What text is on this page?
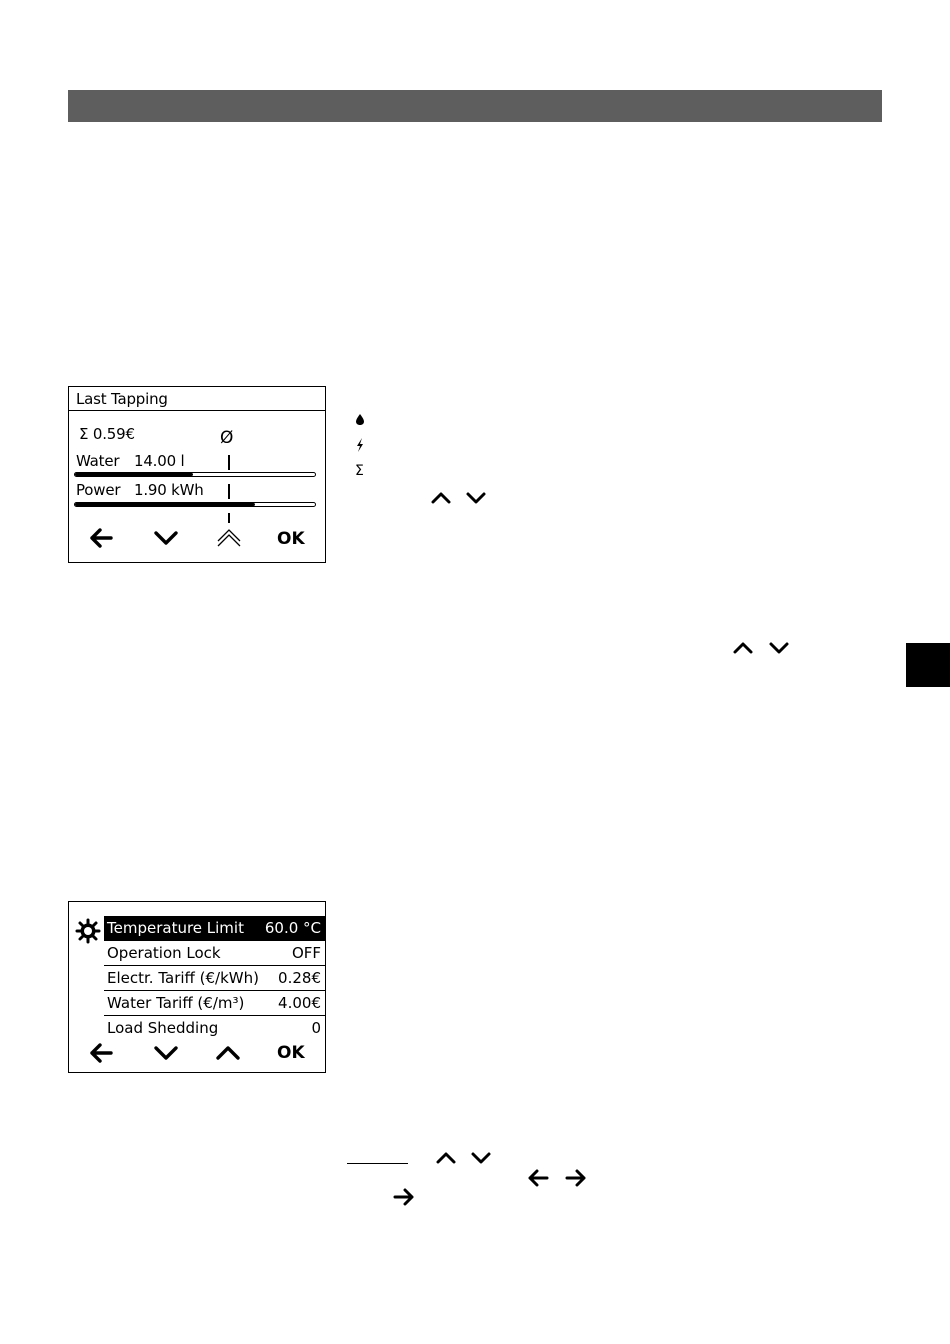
Last Tapping
Σ 0.59€	Ø
Water 14.00 l
Power 1.90 kWh
OK
Σ
Temperature Limit 60.0 °C
Operation Lock	OFF
Electr. Tariff (€/kWh) 0.28€
Water Tariff (€/m³) 4.00€
Load Shedding	0
OK
